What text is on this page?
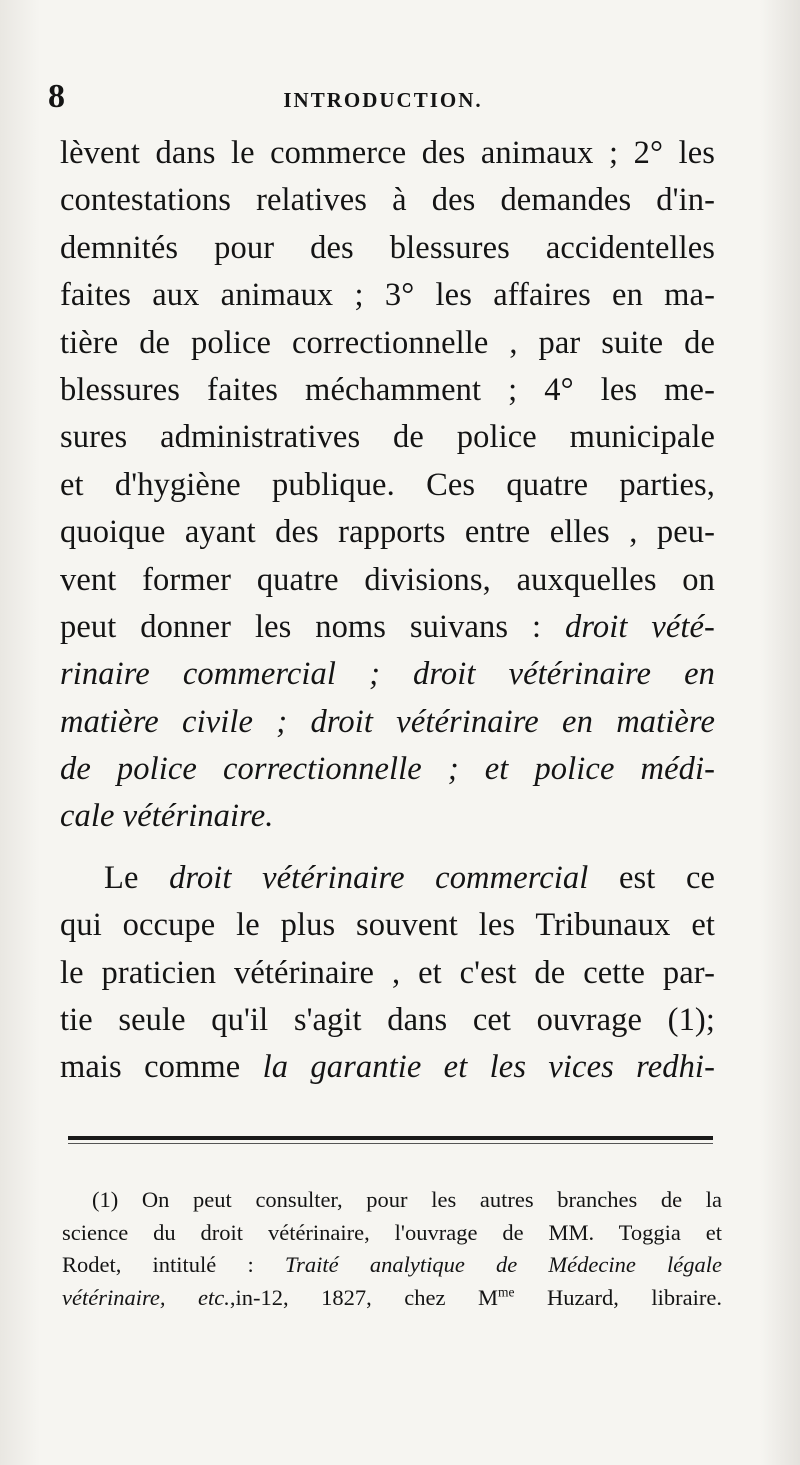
8	INTRODUCTION.
lèvent dans le commerce des animaux ; 2° les
contestations relatives à des demandes d'in-
demnités pour des blessures accidentelles
faites aux animaux ; 3° les affaires en ma-
tière de police correctionnelle , par suite de
blessures faites méchamment ; 4° les me-
sures administratives de police municipale
et d'hygiène publique. Ces quatre parties,
quoique ayant des rapports entre elles , peu-
vent former quatre divisions, auxquelles on
peut donner les noms suivans : droit vété-
rinaire commercial ; droit vétérinaire en
matière civile ; droit vétérinaire en matière
de police correctionnelle ; et police médi-
cale vétérinaire.
Le droit vétérinaire commercial est ce
qui occupe le plus souvent les Tribunaux et
le praticien vétérinaire , et c'est de cette par-
tie seule qu'il s'agit dans cet ouvrage (1);
mais comme la garantie et les vices redhi-
(1) On peut consulter, pour les autres branches de la
science du droit vétérinaire, l'ouvrage de MM. Toggia et
Rodet, intitulé : Traité analytique de Médecine légale
vétérinaire, etc.,in-12, 1827, chez $M^{me}$ Huzard, libraire.
